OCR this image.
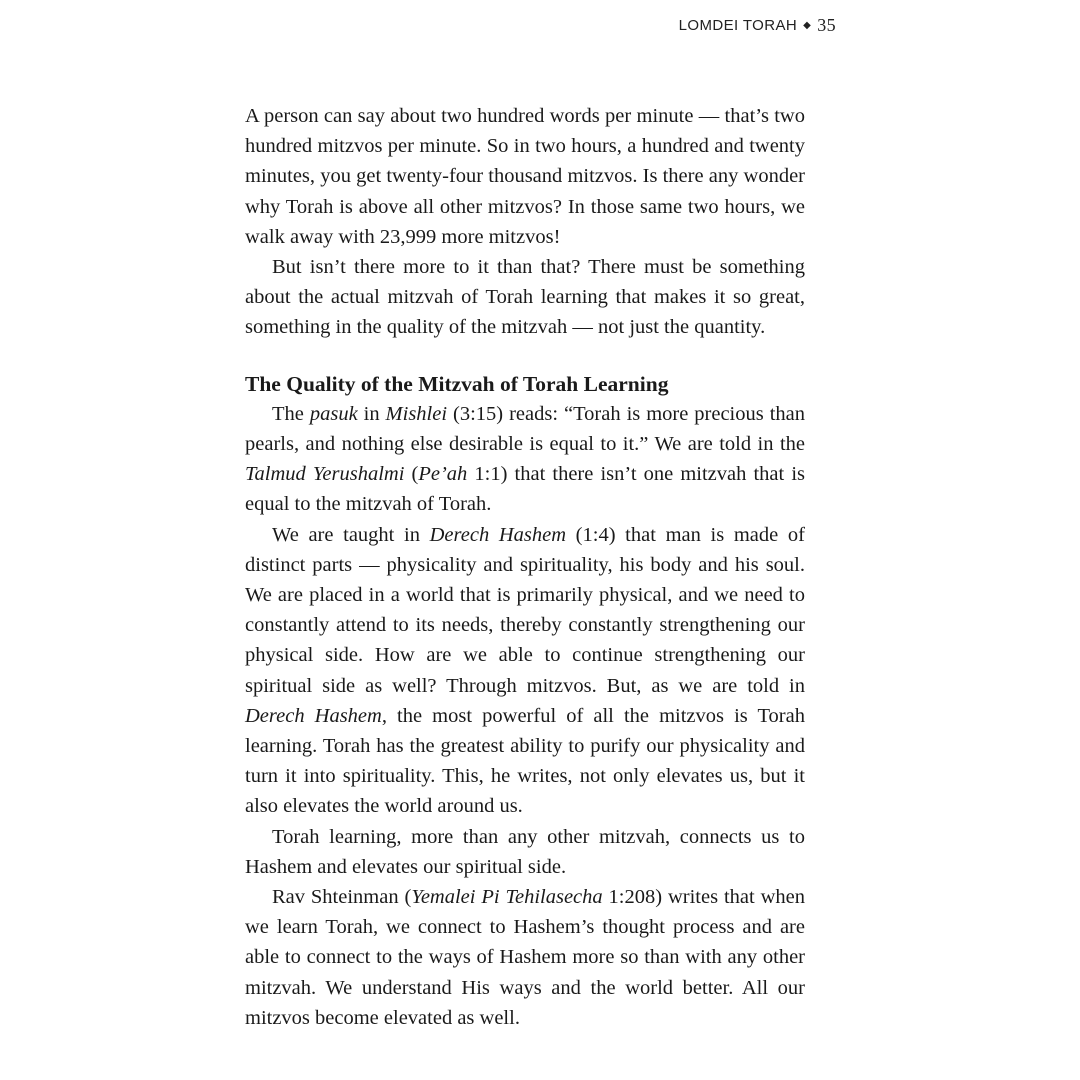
LOMDEI TORAH ◆ 35

A person can say about two hundred words per minute — that’s two hundred mitzvos per minute. So in two hours, a hundred and twenty minutes, you get twenty-four thousand mitzvos. Is there any wonder why Torah is above all other mitzvos? In those same two hours, we walk away with 23,999 more mitzvos!

But isn’t there more to it than that? There must be something about the actual mitzvah of Torah learning that makes it so great, something in the quality of the mitzvah — not just the quantity.

The Quality of the Mitzvah of Torah Learning

The pasuk in Mishlei (3:15) reads: “Torah is more precious than pearls, and nothing else desirable is equal to it.” We are told in the Talmud Yerushalmi (Pe’ah 1:1) that there isn’t one mitzvah that is equal to the mitzvah of Torah.

We are taught in Derech Hashem (1:4) that man is made of distinct parts — physicality and spirituality, his body and his soul. We are placed in a world that is primarily physical, and we need to constantly attend to its needs, thereby constantly strengthening our physical side. How are we able to continue strengthening our spiritual side as well? Through mitzvos. But, as we are told in Derech Hashem, the most powerful of all the mitzvos is Torah learning. Torah has the greatest ability to purify our physicality and turn it into spirituality. This, he writes, not only elevates us, but it also elevates the world around us.

Torah learning, more than any other mitzvah, connects us to Hashem and elevates our spiritual side.

Rav Shteinman (Yemalei Pi Tehilasecha 1:208) writes that when we learn Torah, we connect to Hashem’s thought process and are able to connect to the ways of Hashem more so than with any other mitzvah. We understand His ways and the world better. All our mitzvos become elevated as well.
